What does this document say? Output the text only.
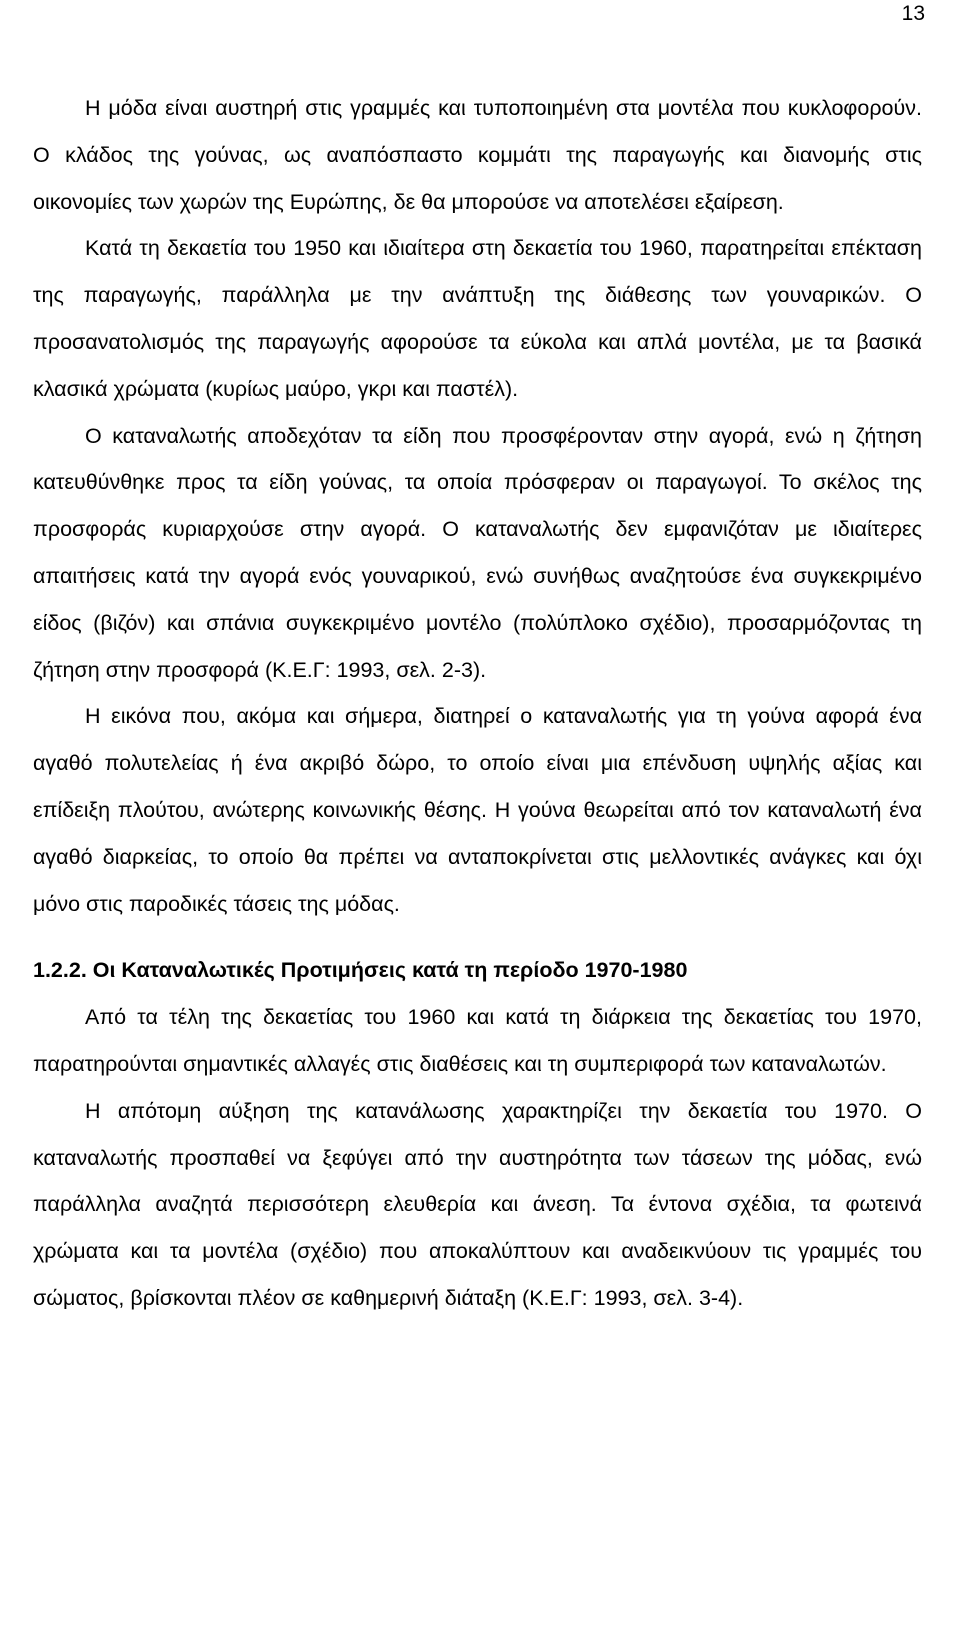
13

Η μόδα είναι αυστηρή στις γραμμές και τυποποιημένη στα μοντέλα που κυκλοφορούν. Ο κλάδος της γούνας, ως αναπόσπαστο κομμάτι της παραγωγής και διανομής στις οικονομίες των χωρών της Ευρώπης, δε θα μπορούσε να αποτελέσει εξαίρεση.

Κατά τη δεκαετία του 1950 και ιδιαίτερα στη δεκαετία του 1960, παρατηρείται επέκταση της παραγωγής, παράλληλα με την ανάπτυξη της διάθεσης των γουναρικών. Ο προσανατολισμός της παραγωγής αφορούσε τα εύκολα και απλά μοντέλα, με τα βασικά κλασικά χρώματα (κυρίως μαύρο, γκρι και παστέλ).

Ο καταναλωτής αποδεχόταν τα είδη που προσφέρονταν στην αγορά, ενώ η ζήτηση κατευθύνθηκε προς τα είδη γούνας, τα οποία πρόσφεραν οι παραγωγοί. Το σκέλος της προσφοράς κυριαρχούσε στην αγορά. Ο καταναλωτής δεν εμφανιζόταν με ιδιαίτερες απαιτήσεις κατά την αγορά ενός γουναρικού, ενώ συνήθως αναζητούσε ένα συγκεκριμένο είδος (βιζόν) και σπάνια συγκεκριμένο μοντέλο (πολύπλοκο σχέδιο), προσαρμόζοντας τη ζήτηση στην προσφορά (Κ.Ε.Γ: 1993, σελ. 2-3).

Η εικόνα που, ακόμα και σήμερα, διατηρεί ο καταναλωτής για τη γούνα αφορά ένα αγαθό πολυτελείας ή ένα ακριβό δώρο, το οποίο είναι μια επένδυση υψηλής αξίας και επίδειξη πλούτου, ανώτερης κοινωνικής θέσης. Η γούνα θεωρείται από τον καταναλωτή ένα αγαθό διαρκείας, το οποίο θα πρέπει να ανταποκρίνεται στις μελλοντικές ανάγκες και όχι μόνο στις παροδικές τάσεις της μόδας.

1.2.2. Οι Καταναλωτικές Προτιμήσεις κατά τη περίοδο 1970-1980

Από τα τέλη της δεκαετίας του 1960 και κατά τη διάρκεια της δεκαετίας του 1970, παρατηρούνται σημαντικές αλλαγές στις διαθέσεις και τη συμπεριφορά των καταναλωτών.

Η απότομη αύξηση της κατανάλωσης χαρακτηρίζει την δεκαετία του 1970. Ο καταναλωτής προσπαθεί να ξεφύγει από την αυστηρότητα των τάσεων της μόδας, ενώ παράλληλα αναζητά περισσότερη ελευθερία και άνεση. Τα έντονα σχέδια, τα φωτεινά χρώματα και τα μοντέλα (σχέδιο) που αποκαλύπτουν και αναδεικνύουν τις γραμμές του σώματος, βρίσκονται πλέον σε καθημερινή διάταξη (Κ.Ε.Γ: 1993, σελ. 3-4).
